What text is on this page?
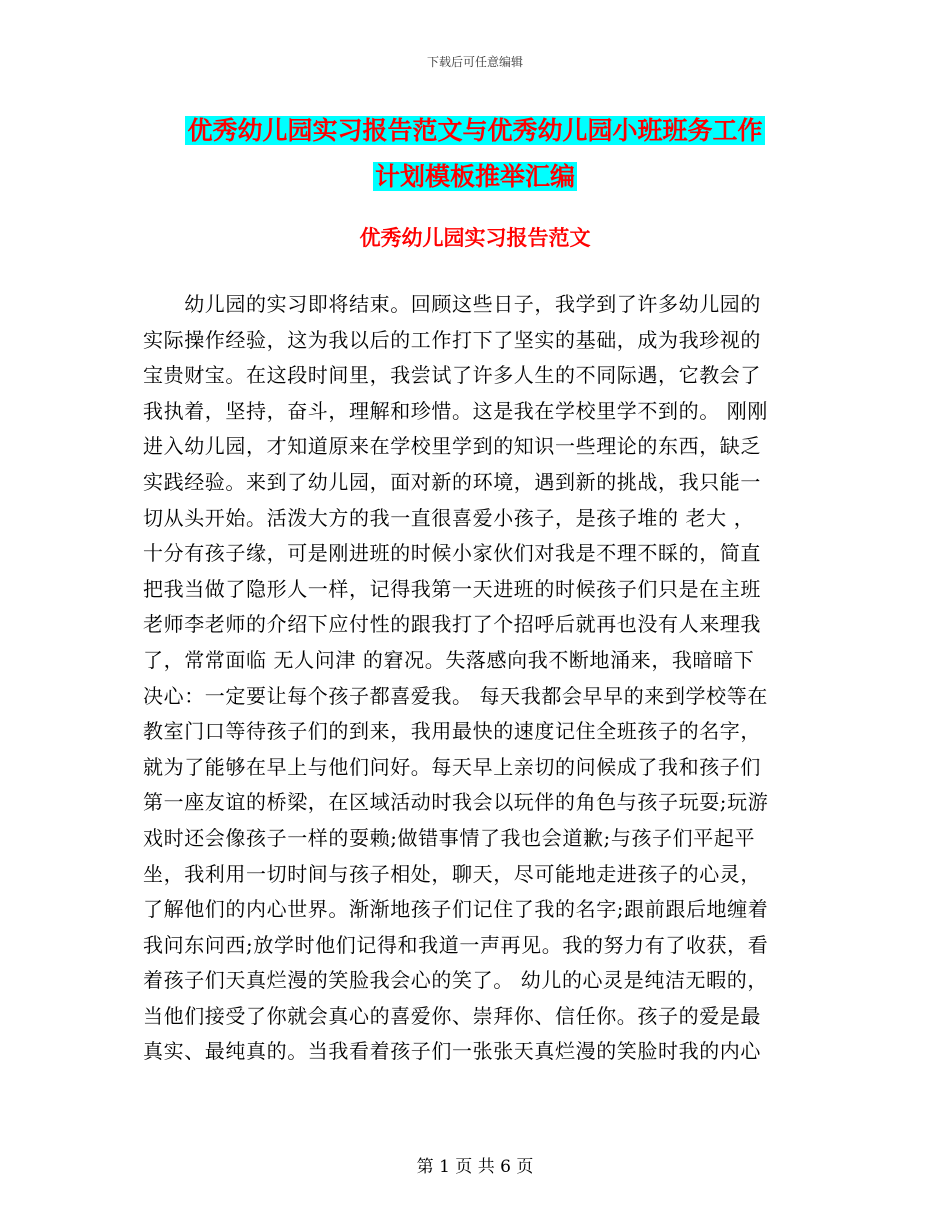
下载后可任意编辑
优秀幼儿园实习报告范文与优秀幼儿园小班班务工作
计划模板推举汇编
优秀幼儿园实习报告范文
　　幼儿园的实习即将结束。回顾这些日子，我学到了许多幼儿园的
实际操作经验，这为我以后的工作打下了坚实的基础，成为我珍视的
宝贵财宝。在这段时间里，我尝试了许多人生的不同际遇，它教会了
我执着，坚持，奋斗，理解和珍惜。这是我在学校里学不到的。 刚刚
进入幼儿园，才知道原来在学校里学到的知识一些理论的东西，缺乏
实践经验。来到了幼儿园，面对新的环境，遇到新的挑战，我只能一
切从头开始。活泼大方的我一直很喜爱小孩子，是孩子堆的 老大 ，
十分有孩子缘，可是刚进班的时候小家伙们对我是不理不睬的，简直
把我当做了隐形人一样，记得我第一天进班的时候孩子们只是在主班
老师李老师的介绍下应付性的跟我打了个招呼后就再也没有人来理我
了，常常面临 无人问津 的窘况。失落感向我不断地涌来，我暗暗下
决心：一定要让每个孩子都喜爱我。 每天我都会早早的来到学校等在
教室门口等待孩子们的到来，我用最快的速度记住全班孩子的名字，
就为了能够在早上与他们问好。每天早上亲切的问候成了我和孩子们
第一座友谊的桥梁，在区域活动时我会以玩伴的角色与孩子玩耍;玩游
戏时还会像孩子一样的耍赖;做错事情了我也会道歉;与孩子们平起平
坐，我利用一切时间与孩子相处，聊天，尽可能地走进孩子的心灵，
了解他们的内心世界。渐渐地孩子们记住了我的名字;跟前跟后地缠着
我问东问西;放学时他们记得和我道一声再见。我的努力有了收获，看
着孩子们天真烂漫的笑脸我会心的笑了。 幼儿的心灵是纯洁无暇的，
当他们接受了你就会真心的喜爱你、崇拜你、信任你。孩子的爱是最
真实、最纯真的。当我看着孩子们一张张天真烂漫的笑脸时我的内心
第 1 页 共 6 页
